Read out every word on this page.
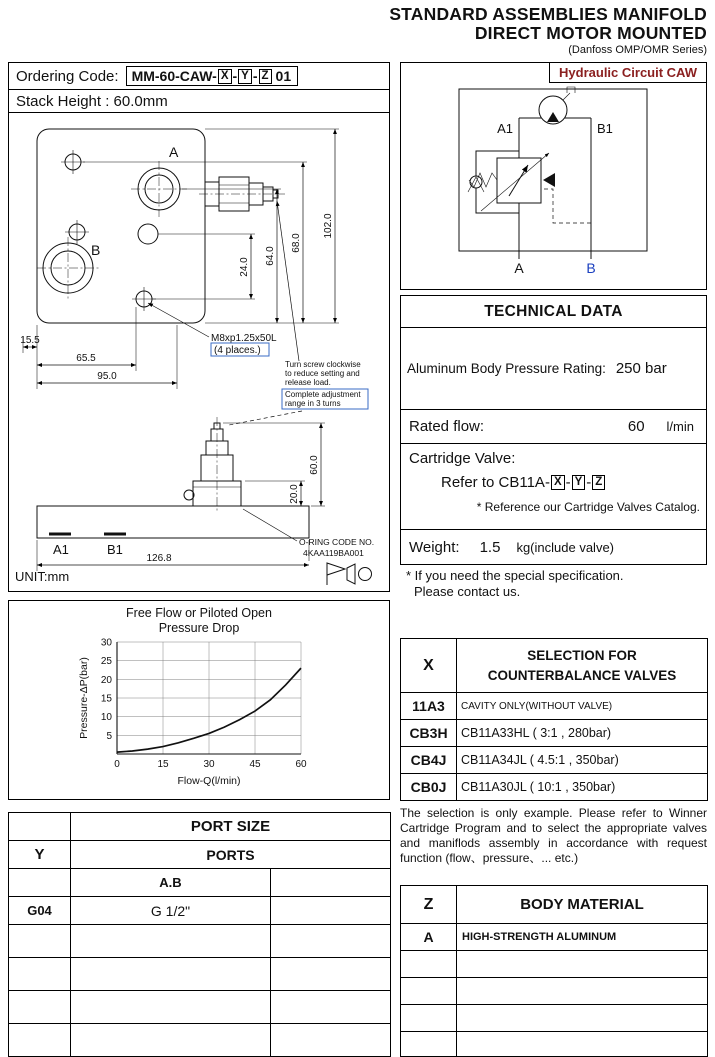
STANDARD ASSEMBLIES MANIFOLD
DIRECT MOTOR MOUNTED
(Danfoss OMP/OMR Series)
Ordering Code: MM-60-CAW- X - Y - Z 01
Stack Height : 60.0mm
A
B
24.0
64.0
68.0
102.0
15.5
65.5
95.0
M8xp1.25x50L
(4 places.)
Turn screw clockwise
to reduce setting and
release load.
Complete adjustment
range in 3 turns
60.0
20.0
A1	B1
126.8
O-RING CODE NO.
4KAA119BA001
UNIT:mm
Free Flow or Piloted Open
Pressure Drop
5
10
15
20
25
30
0	15	30	45	60
Pressure-ΔP(bar)
Flow-Q(l/min)
	PORT SIZE	
Y	PORTS	
	A.B	
G04	G 1/2"	

Hydraulic Circuit CAW
A1	B1
A	B
TECHNICAL DATA
Aluminum Body Pressure Rating: 250 bar
Rated flow:	60 l/min
Cartridge Valve:
Refer to CB11A- X - Y - Z
* Reference our Cartridge Valves Catalog.
Weight: 1.5 kg(include valve)
* If you need the special specification.
Please contact us.
X	SELECTION FOR
COUNTERBALANCE VALVES

11A3	CAVITY ONLY(WITHOUT VALVE)
CB3H	CB11A33HL ( 3:1 , 280bar)
CB4J	CB11A34JL ( 4.5:1 , 350bar)
CB0J	CB11A30JL ( 10:1 , 350bar)
The selection is only example. Please refer to Winner Cartridge Program and to select the appropriate valves and maniflods assembly in accordance with request function (flow、pressure、... etc.)
Z	BODY MATERIAL
A	HIGH-STRENGTH ALUMINUM
